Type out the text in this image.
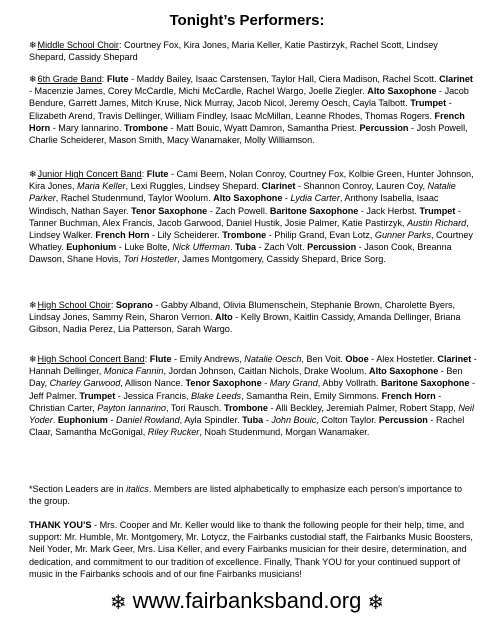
Tonight’s Performers:

❄Middle School Choir: Courtney Fox, Kira Jones, Maria Keller, Katie Pastirzyk, Rachel Scott, Lindsey Shepard, Cassidy Shepard

❄6th Grade Band: Flute - Maddy Bailey, Isaac Carstensen, Taylor Hall, Ciera Madison, Rachel Scott. Clarinet - Macenzie James, Corey McCardle, Michi McCardle, Rachel Wargo, Joelle Ziegler. Alto Saxophone - Jacob Bendure, Garrett James, Mitch Kruse, Nick Murray, Jacob Nicol, Jeremy Oesch, Cayla Talbott. Trumpet - Elizabeth Arend, Travis Dellinger, William Findley, Isaac McMillan, Leanne Rhodes, Thomas Rogers. French Horn - Mary Iannarino. Trombone - Matt Bouic, Wyatt Damron, Samantha Priest. Percussion - Josh Powell, Charlie Scheiderer, Mason Smith, Macy Wanamaker, Molly Williamson.

❄Junior High Concert Band: Flute - Cami Beem, Nolan Conroy, Courtney Fox, Kolbie Green, Hunter Johnson, Kira Jones, Maria Keller, Lexi Ruggles, Lindsey Shepard. Clarinet - Shannon Conroy, Lauren Coy, Natalie Parker, Rachel Studenmund, Taylor Woolum. Alto Saxophone - Lydia Carter, Anthony Isabella, Isaac Windisch, Nathan Sayer. Tenor Saxophone - Zach Powell. Baritone Saxophone - Jack Herbst. Trumpet - Tanner Buchman, Alex Francis, Jacob Garwood, Daniel Hustik, Josie Palmer, Katie Pastirzyk, Austin Richard, Lindsey Walker. French Horn - Lily Scheiderer. Trombone - Philip Grand, Evan Lotz, Gunner Parks, Courtney Whatley. Euphonium - Luke Bolte, Nick Ufferman. Tuba - Zach Volt. Percussion - Jason Cook, Breanna Dawson, Shane Hovis, Tori Hostetler, James Montgomery, Cassidy Shepard, Brice Sorg.

❄High School Choir: Soprano - Gabby Alband, Olivia Blumenschein, Stephanie Brown, Charolette Byers, Lindsay Jones, Sammy Rein, Sharon Vernon. Alto - Kelly Brown, Kaitlin Cassidy, Amanda Dellinger, Briana Gibson, Nadia Perez, Lia Patterson, Sarah Wargo.

❄High School Concert Band: Flute - Emily Andrews, Natalie Oesch, Ben Voit. Oboe - Alex Hostetler. Clarinet - Hannah Dellinger, Monica Fannin, Jordan Johnson, Caitlan Nichols, Drake Woolum. Alto Saxophone - Ben Day, Charley Garwood, Allison Nance. Tenor Saxophone - Mary Grand, Abby Vollrath. Baritone Saxophone - Jeff Palmer. Trumpet - Jessica Francis, Blake Leeds, Samantha Rein, Emily Simmons. French Horn - Christian Carter, Payton Iannarino, Tori Rausch. Trombone - Alli Beckley, Jeremiah Palmer, Robert Stapp, Neil Yoder. Euphonium - Daniel Rowland, Ayla Spindler. Tuba - John Bouic, Colton Taylor. Percussion - Rachel Claar, Samantha McGonigal, Riley Rucker, Noah Studenmund, Morgan Wanamaker.

*Section Leaders are in italics. Members are listed alphabetically to emphasize each person’s importance to the group.

THANK YOU’S - Mrs. Cooper and Mr. Keller would like to thank the following people for their help, time, and support: Mr. Humble, Mr. Montgomery, Mr. Lotycz, the Fairbanks custodial staff, the Fairbanks Music Boosters, Neil Yoder, Mr. Mark Geer, Mrs. Lisa Keller, and every Fairbanks musician for their desire, determination, and dedication, and commitment to our tradition of excellence. Finally, Thank YOU for your continued support of music in the Fairbanks schools and of our fine Fairbanks musicians!

❄ www.fairbanksband.org ❄
